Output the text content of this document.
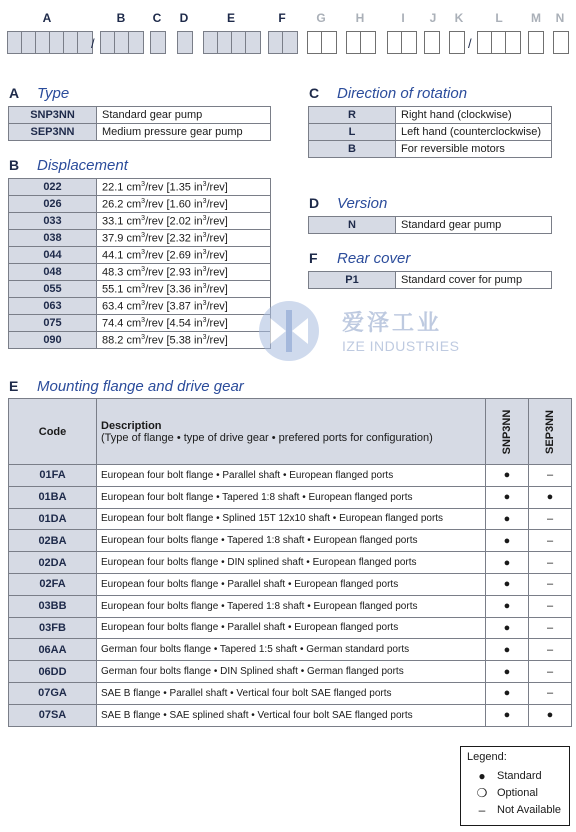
A	B	C	D	E	F	G	H	I	J	K	L	M	N
/	/
A	Type
SNP3NN	Standard gear pump
SEP3NN	Medium pressure gear pump
B	Displacement
022	22.1 $cm^3$/rev [1.35 $in^3/rev$]
026	26.2 $cm^3$/rev [1.60 $in^3/rev$]
033	33.1 $cm^3$/rev [2.02 $in^3/rev$]
038	37.9 $cm^3$/rev [2.32 $in^3/rev$]
044	44.1 $cm^3$/rev [2.69 $in^3/rev$]
048	48.3 $cm^3$/rev [2.93 $in^3/rev$]
055	55.1 $cm^3$/rev [3.36 $in^3/rev$]
063	63.4 $cm^3$/rev [3.87 $in^3/rev$]
075	74.4 $cm^3$/rev [4.54 $in^3/rev$]
090	88.2 $cm^3$/rev [5.38 $in^3/rev$]
C	Direction of rotation
R	Right hand (clockwise)
L	Left hand (counterclockwise)
B	For reversible motors
D	Version
N	Standard gear pump
F	Rear cover
P1	Standard cover for pump
爱泽工业
IZE INDUSTRIES
E	Mounting flange and drive gear
Code	Description
(Type of flange • type of drive gear • prefered ports for configuration)	SNP3NN	SEP3NN

01FA	European four bolt flange • Parallel shaft • European flanged ports	●	–
01BA	European four bolt flange • Tapered 1:8 shaft • European flanged ports	●	●
01DA	European four bolt flange • Splined 15T 12x10 shaft • European flanged ports	●	–
02BA	European four bolts flange • Tapered 1:8 shaft • European flanged ports	●	–
02DA	European four bolts flange • DIN splined shaft • European flanged ports	●	–
02FA	European four bolts flange • Parallel shaft • European flanged ports	●	–
03BB	European four bolts flange • Tapered 1:8 shaft • European flanged ports	●	–
03FB	European four bolts flange • Parallel shaft • European flanged ports	●	–
06AA	German four bolts flange • Tapered 1:5 shaft • German standard ports	●	–
06DD	German four bolts flange • DIN Splined shaft • German flanged ports	●	–
07GA	SAE B flange • Parallel shaft • Vertical four bolt SAE flanged ports	●	–
07SA	SAE B flange • SAE splined shaft • Vertical four bolt SAE flanged ports	●	●
Legend:
●	Standard
❍ Optional
–	Not Available
